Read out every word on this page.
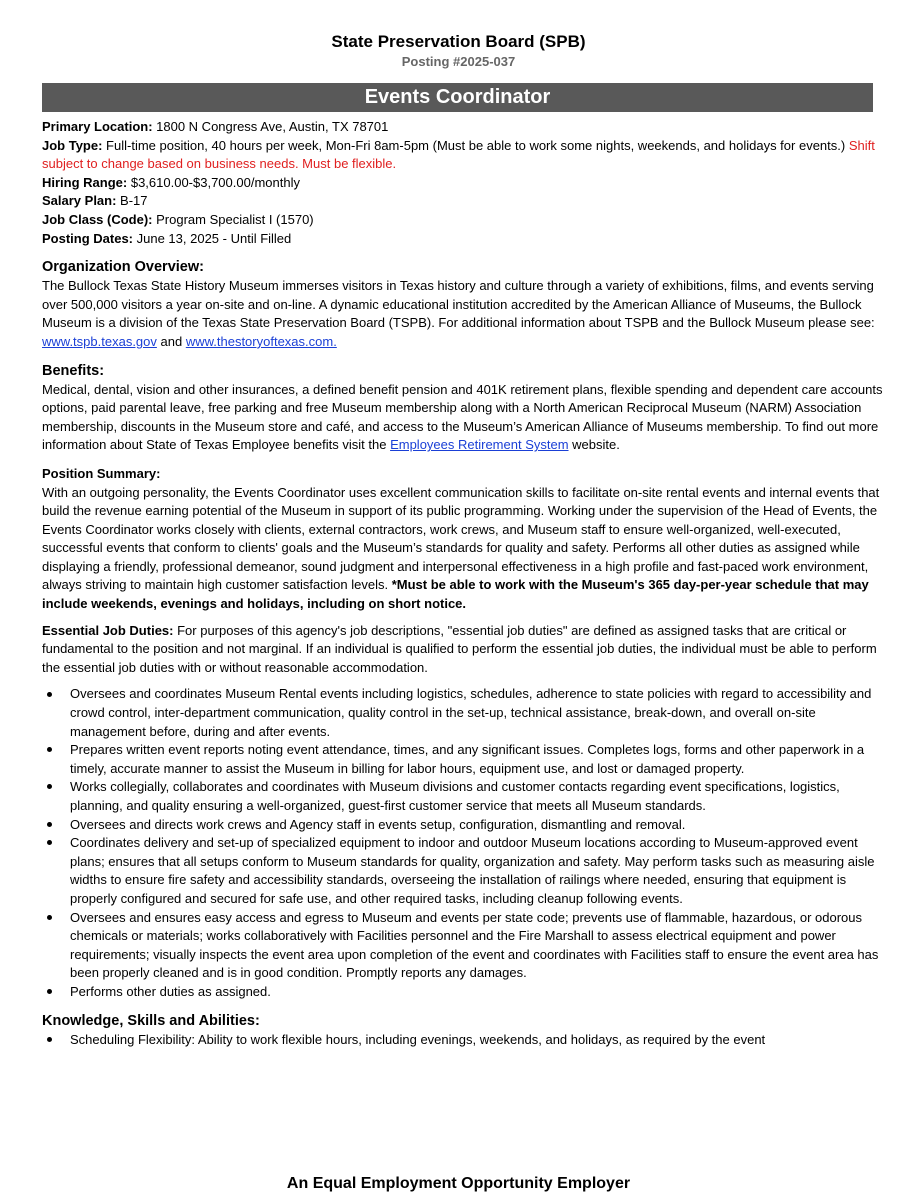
State Preservation Board (SPB)
Posting #2025-037
Events Coordinator

Primary Location: 1800 N Congress Ave, Austin, TX 78701

Job Type: Full-time position, 40 hours per week, Mon-Fri 8am-5pm (Must be able to work some nights, weekends, and holidays for events.) Shift subject to change based on business needs. Must be flexible.

Hiring Range: $3,610.00-$3,700.00/monthly

Salary Plan: B-17

Job Class (Code): Program Specialist I (1570)

Posting Dates: June 13, 2025 - Until Filled

Organization Overview:

The Bullock Texas State History Museum immerses visitors in Texas history and culture through a variety of exhibitions, films, and events serving over 500,000 visitors a year on-site and on-line. A dynamic educational institution accredited by the American Alliance of Museums, the Bullock Museum is a division of the Texas State Preservation Board (TSPB). For additional information about TSPB and the Bullock Museum please see: www.tspb.texas.gov and www.thestoryoftexas.com.

Benefits:

Medical, dental, vision and other insurances, a defined benefit pension and 401K retirement plans, flexible spending and dependent care accounts options, paid parental leave, free parking and free Museum membership along with a North American Reciprocal Museum (NARM) Association membership, discounts in the Museum store and café, and access to the Museum’s American Alliance of Museums membership. To find out more information about State of Texas Employee benefits visit the Employees Retirement System website.

Position Summary:

With an outgoing personality, the Events Coordinator uses excellent communication skills to facilitate on-site rental events and internal events that build the revenue earning potential of the Museum in support of its public programming. Working under the supervision of the Head of Events, the Events Coordinator works closely with clients, external contractors, work crews, and Museum staff to ensure well-organized, well-executed, successful events that conform to clients' goals and the Museum’s standards for quality and safety. Performs all other duties as assigned while displaying a friendly, professional demeanor, sound judgment and interpersonal effectiveness in a high profile and fast-paced work environment, always striving to maintain high customer satisfaction levels. *Must be able to work with the Museum's 365 day-per-year schedule that may include weekends, evenings and holidays, including on short notice.

Essential Job Duties: For purposes of this agency's job descriptions, "essential job duties" are defined as assigned tasks that are critical or fundamental to the position and not marginal. If an individual is qualified to perform the essential job duties, the individual must be able to perform the essential job duties with or without reasonable accommodation.

Oversees and coordinates Museum Rental events including logistics, schedules, adherence to state policies with regard to accessibility and crowd control, inter-department communication, quality control in the set-up, technical assistance, break-down, and overall on-site management before, during and after events.
Prepares written event reports noting event attendance, times, and any significant issues. Completes logs, forms and other paperwork in a timely, accurate manner to assist the Museum in billing for labor hours, equipment use, and lost or damaged property.
Works collegially, collaborates and coordinates with Museum divisions and customer contacts regarding event specifications, logistics, planning, and quality ensuring a well-organized, guest-first customer service that meets all Museum standards.
Oversees and directs work crews and Agency staff in events setup, configuration, dismantling and removal.
Coordinates delivery and set-up of specialized equipment to indoor and outdoor Museum locations according to Museum-approved event plans; ensures that all setups conform to Museum standards for quality, organization and safety. May perform tasks such as measuring aisle widths to ensure fire safety and accessibility standards, overseeing the installation of railings where needed, ensuring that equipment is properly configured and secured for safe use, and other required tasks, including cleanup following events.
Oversees and ensures easy access and egress to Museum and events per state code; prevents use of flammable, hazardous, or odorous chemicals or materials; works collaboratively with Facilities personnel and the Fire Marshall to assess electrical equipment and power requirements; visually inspects the event area upon completion of the event and coordinates with Facilities staff to ensure the event area has been properly cleaned and is in good condition. Promptly reports any damages.
Performs other duties as assigned.

Knowledge, Skills and Abilities:

Scheduling Flexibility: Ability to work flexible hours, including evenings, weekends, and holidays, as required by the event
An Equal Employment Opportunity Employer
